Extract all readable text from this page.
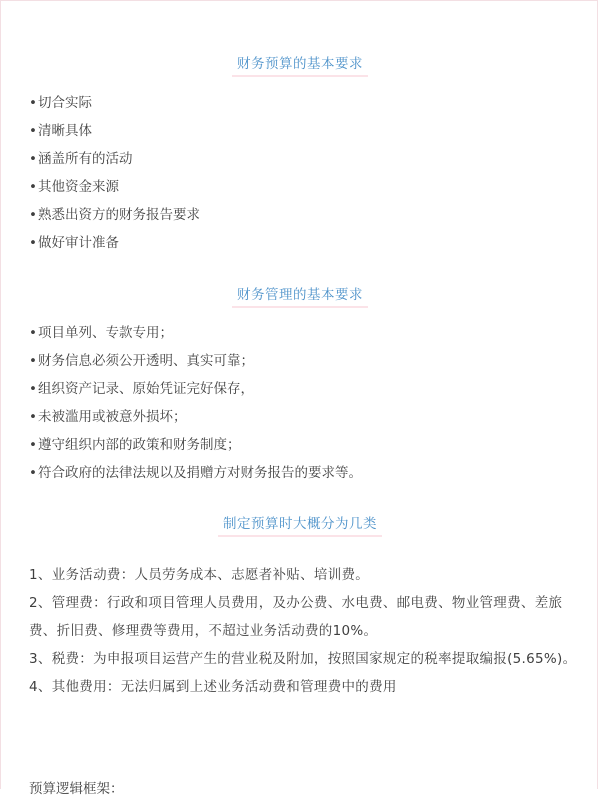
财务预算的基本要求
•切合实际
•清晰具体
•涵盖所有的活动
•其他资金来源
•熟悉出资方的财务报告要求
•做好审计准备
财务管理的基本要求
•项目单列、专款专用；
•财务信息必须公开透明、真实可靠；
•组织资产记录、原始凭证完好保存，
•未被滥用或被意外损坏；
•遵守组织内部的政策和财务制度；
•符合政府的法律法规以及捐赠方对财务报告的要求等。
制定预算时大概分为几类

1、业务活动费：人员劳务成本、志愿者补贴、培训费。

2、管理费：行政和项目管理人员费用，及办公费、水电费、邮电费、物业管理费、差旅费、折旧费、修理费等费用，不超过业务活动费的10%。

3、税费：为申报项目运营产生的营业税及附加，按照国家规定的税率提取编报(5.65%)。

4、其他费用：无法归属到上述业务活动费和管理费中的费用

预算逻辑框架：
